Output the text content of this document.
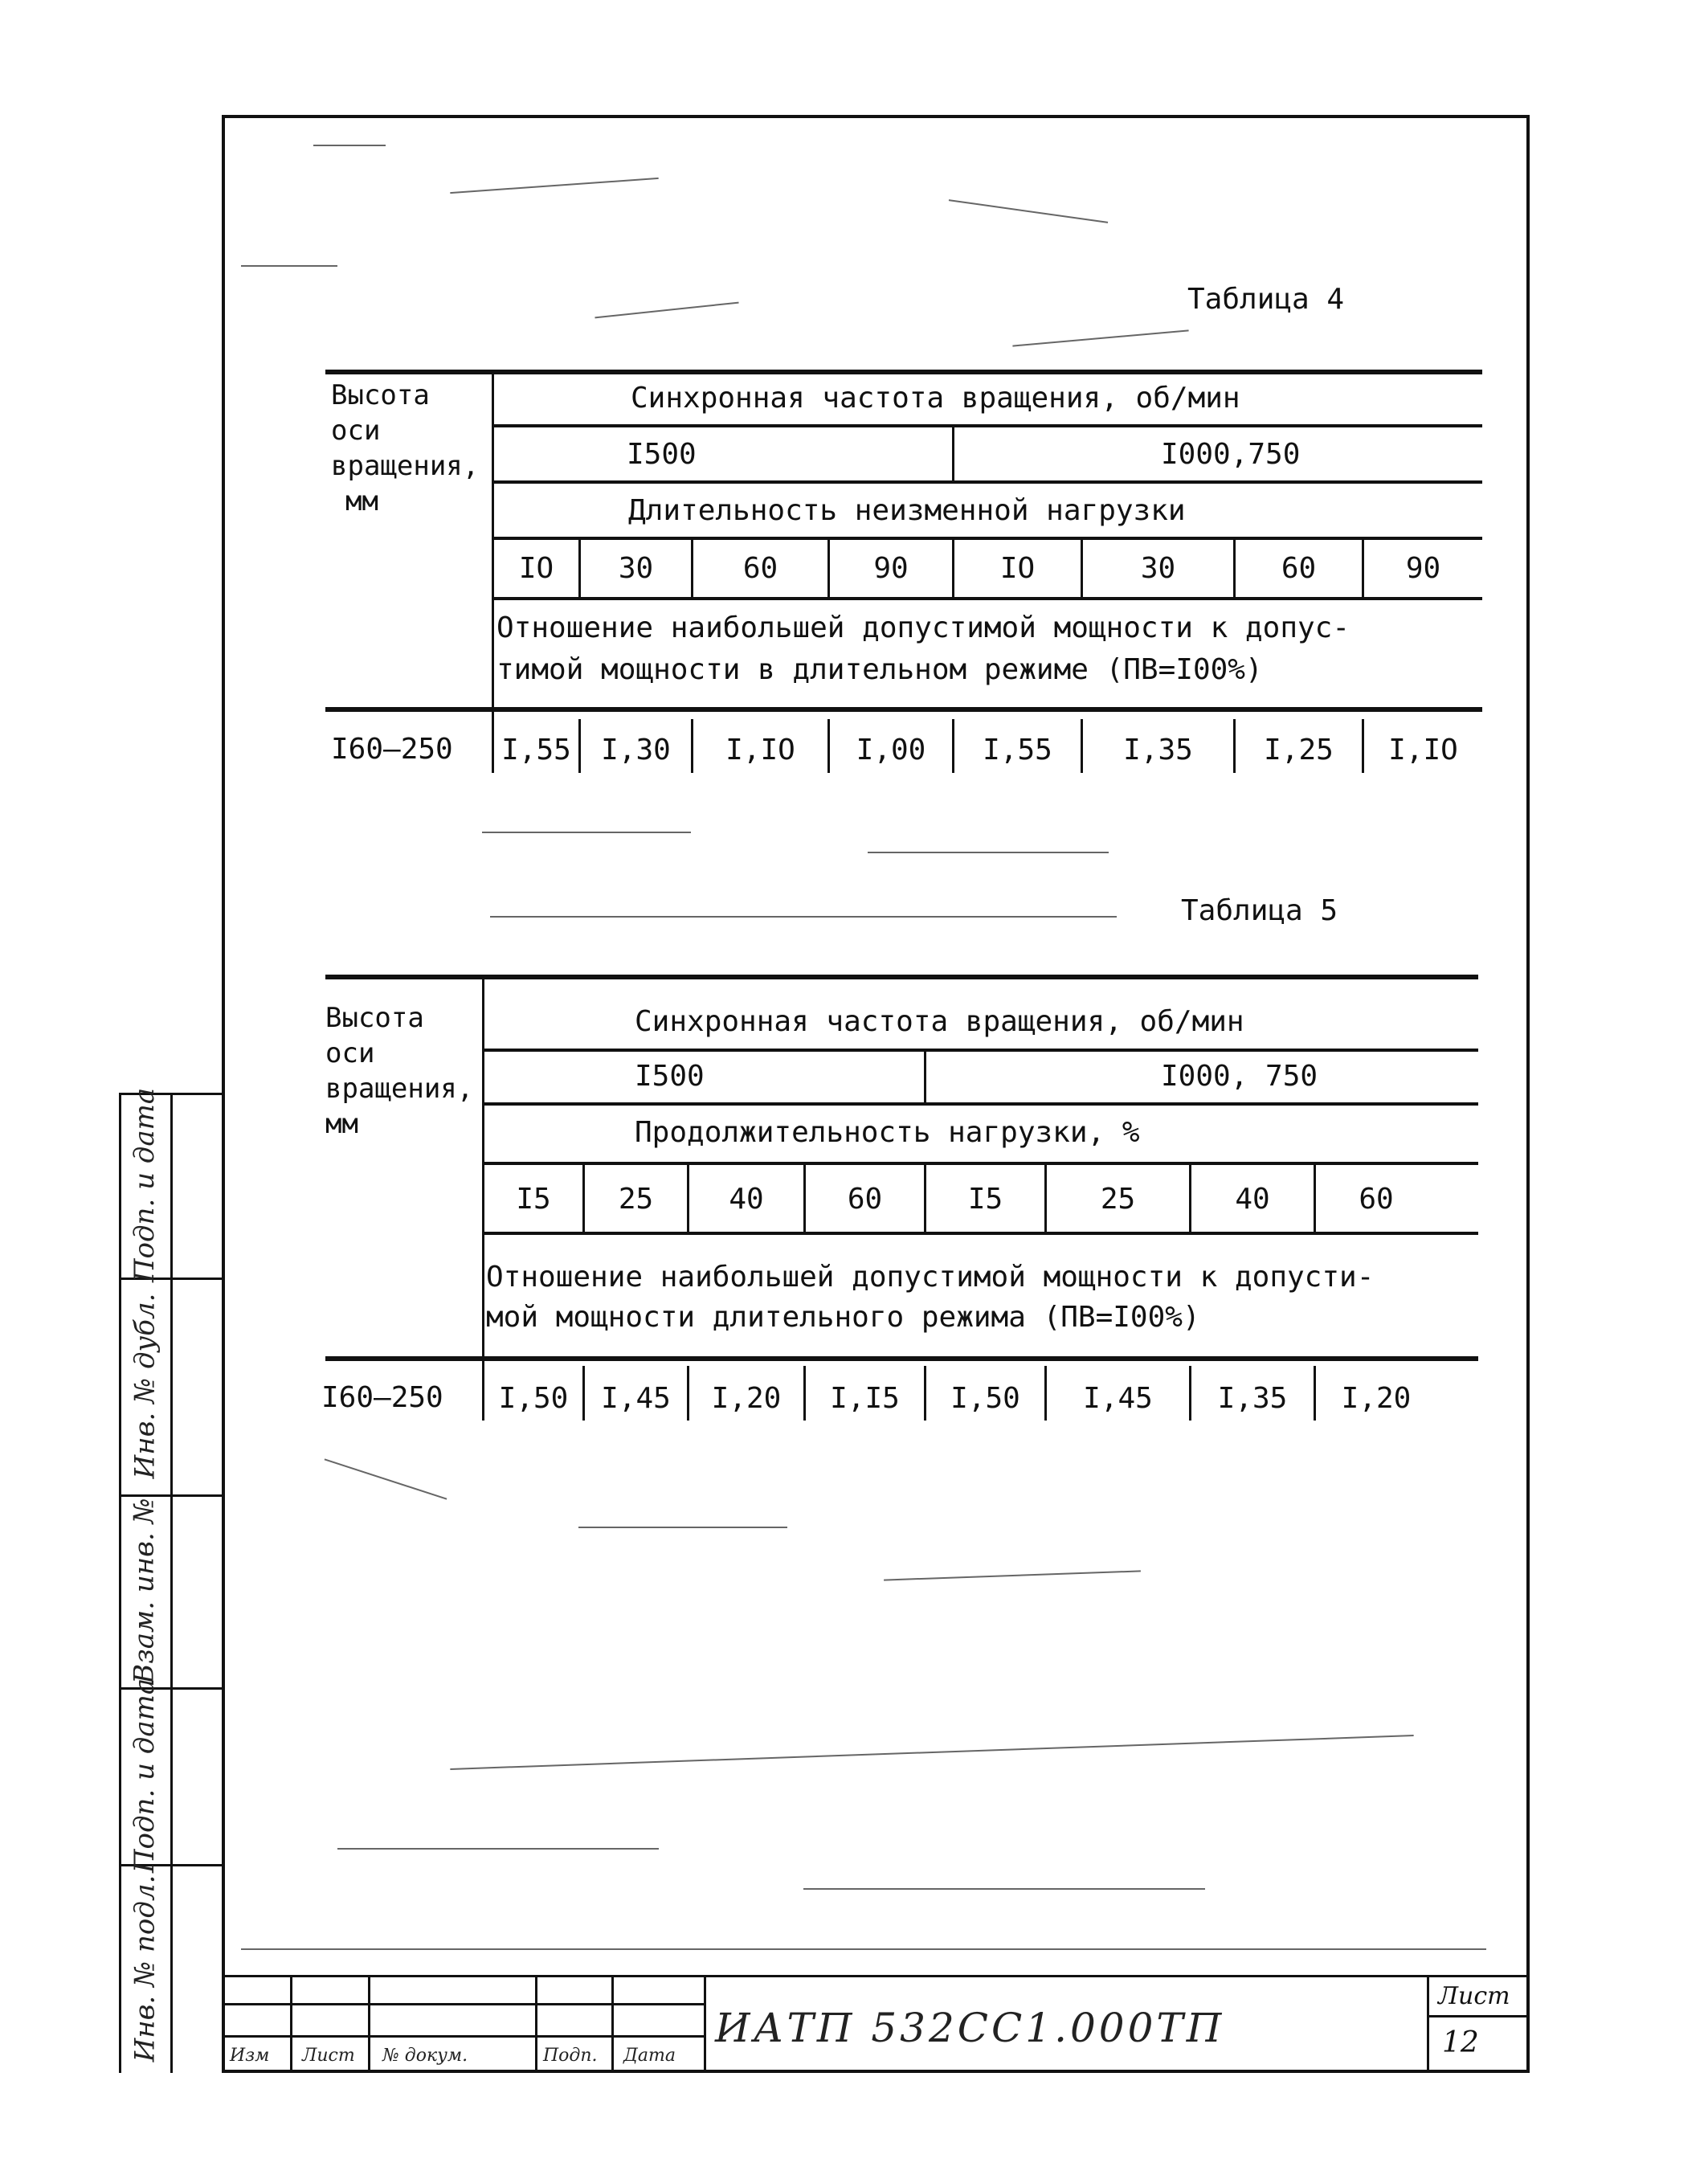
Таблица 4
Высота
оси
вращения,
мм
Синхронная частота вращения, об/мин
I500	I000,750
Длительность неизменной нагрузки
IO	30	60	90	IO	30	60	90
Отношение наибольшей допустимой мощности к допус-
тимой мощности в длительном режиме (ПВ=I00%)
I60–250 I,55	I,30	I,IO	I,00	I,55	I,35	I,25	I,IO
Таблица 5
Высота
оси
вращения,
мм
Синхронная частота вращения, об/мин
I500	I000, 750
Продолжительность нагрузки, %
I5	25	40	60	I5	25	40	60
Отношение наибольшей допустимой мощности к допусти-
мой мощности длительного режима (ПВ=I00%)
I60–250	I,50	I,45	I,20	I,I5	I,50	I,45	I,35	I,20
Инв. № подл.
Подп. и дата
Взам. инв. №
Инв. № дубл.
Подп. и дата
Изм Лист № докум.	Подп. Дата
ИАТП 532СС1.000ТП
Лист
12
